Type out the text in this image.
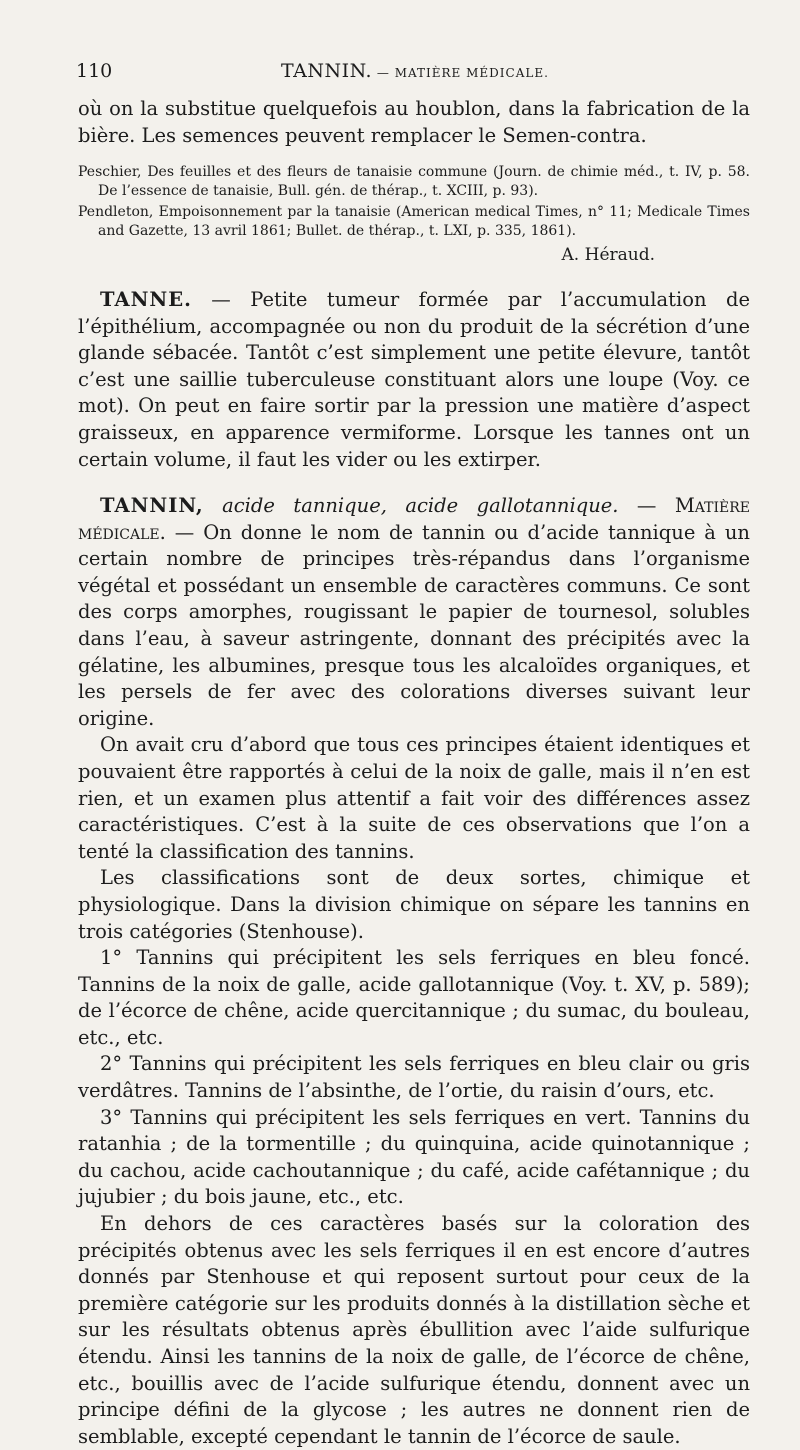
110	TANNIN. — MATIÈRE MÉDICALE.

où on la substitue quelquefois au houblon, dans la fabrication de la bière. Les semences peuvent remplacer le Semen-contra.

Peschier, Des feuilles et des fleurs de tanaisie commune (Journ. de chimie méd., t. IV, p. 58. De l’essence de tanaisie, Bull. gén. de thérap., t. XCIII, p. 93).

Pendleton, Empoisonnement par la tanaisie (American medical Times, n° 11; Medicale Times and Gazette, 13 avril 1861; Bullet. de thérap., t. LXI, p. 335, 1861).

A. Héraud.

TANNE. — Petite tumeur formée par l’accumulation de l’épithélium, accompagnée ou non du produit de la sécrétion d’une glande sébacée. Tantôt c’est simplement une petite élevure, tantôt c’est une saillie tuberculeuse constituant alors une loupe (Voy. ce mot). On peut en faire sortir par la pression une matière d’aspect graisseux, en apparence vermiforme. Lorsque les tannes ont un certain volume, il faut les vider ou les extirper.

TANNIN, acide tannique, acide gallotannique. — Matière médicale. — On donne le nom de tannin ou d’acide tannique à un certain nombre de principes très-répandus dans l’organisme végétal et possédant un ensemble de caractères communs. Ce sont des corps amorphes, rougissant le papier de tournesol, solubles dans l’eau, à saveur astringente, donnant des précipités avec la gélatine, les albumines, presque tous les alcaloïdes organiques, et les persels de fer avec des colorations diverses suivant leur origine.

On avait cru d’abord que tous ces principes étaient identiques et pouvaient être rapportés à celui de la noix de galle, mais il n’en est rien, et un examen plus attentif a fait voir des différences assez caractéristiques. C’est à la suite de ces observations que l’on a tenté la classification des tannins.

Les classifications sont de deux sortes, chimique et physiologique. Dans la division chimique on sépare les tannins en trois catégories (Stenhouse).

1° Tannins qui précipitent les sels ferriques en bleu foncé. Tannins de la noix de galle, acide gallotannique (Voy. t. XV, p. 589); de l’écorce de chêne, acide quercitannique ; du sumac, du bouleau, etc., etc.

2° Tannins qui précipitent les sels ferriques en bleu clair ou gris verdâtres. Tannins de l’absinthe, de l’ortie, du raisin d’ours, etc.

3° Tannins qui précipitent les sels ferriques en vert. Tannins du ratanhia ; de la tormentille ; du quinquina, acide quinotannique ; du cachou, acide cachoutannique ; du café, acide cafétannique ; du jujubier ; du bois jaune, etc., etc.

En dehors de ces caractères basés sur la coloration des précipités obtenus avec les sels ferriques il en est encore d’autres donnés par Stenhouse et qui reposent surtout pour ceux de la première catégorie sur les produits donnés à la distillation sèche et sur les résultats obtenus après ébullition avec l’aide sulfurique étendu. Ainsi les tannins de la noix de galle, de l’écorce de chêne, etc., bouillis avec de l’acide sulfurique étendu, donnent avec un principe défini de la glycose ; les autres ne donnent rien de semblable, excepté cependant le tannin de l’écorce de saule.
